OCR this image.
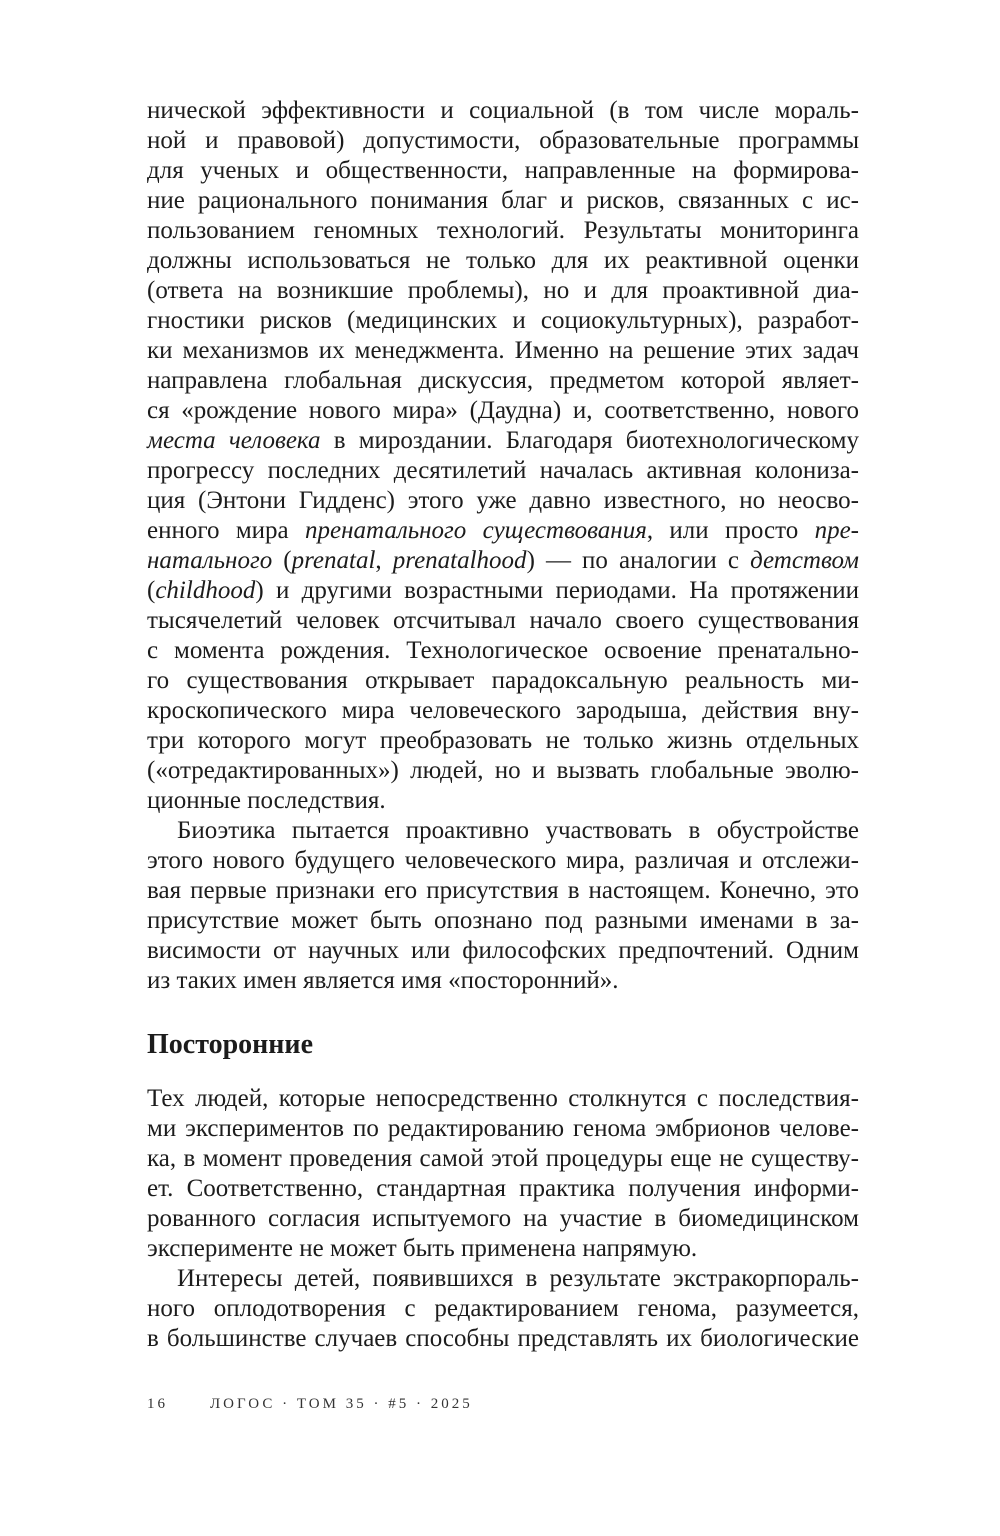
нической эффективности и социальной (в том числе мораль-
ной и правовой) допустимости, образовательные программы
для ученых и общественности, направленные на формирова-
ние рационального понимания благ и рисков, связанных с ис-
пользованием геномных технологий. Результаты мониторинга
должны использоваться не только для их реактивной оценки
(ответа на возникшие проблемы), но и для проактивной диа-
гностики рисков (медицинских и социокультурных), разработ-
ки механизмов их менеджмента. Именно на решение этих задач
направлена глобальная дискуссия, предметом которой являет-
ся «рождение нового мира» (Даудна) и, соответственно, нового
места человека в мироздании. Благодаря биотехнологическому
прогрессу последних десятилетий началась активная колониза-
ция (Энтони Гидденс) этого уже давно известного, но неосво-
енного мира пренатального существования, или просто пре-
натального (prenatal, prenatalhood) — по аналогии с детством
(childhood) и другими возрастными периодами. На протяжении
тысячелетий человек отсчитывал начало своего существования
с момента рождения. Технологическое освоение пренатально-
го существования открывает парадоксальную реальность ми-
кроскопического мира человеческого зародыша, действия вну-
три которого могут преобразовать не только жизнь отдельных
(«отредактированных») людей, но и вызвать глобальные эволю-
ционные последствия.
Биоэтика пытается проактивно участвовать в обустройстве
этого нового будущего человеческого мира, различая и отслежи-
вая первые признаки его присутствия в настоящем. Конечно, это
присутствие может быть опознано под разными именами в за-
висимости от научных или философских предпочтений. Одним
из таких имен является имя «посторонний».
Посторонние
Тех людей, которые непосредственно столкнутся с последствия-
ми экспериментов по редактированию генома эмбрионов челове-
ка, в момент проведения самой этой процедуры еще не существу-
ет. Соответственно, стандартная практика получения информи-
рованного согласия испытуемого на участие в биомедицинском
эксперименте не может быть применена напрямую.
Интересы детей, появившихся в результате экстракорпораль-
ного оплодотворения с редактированием генома, разумеется,
в большинстве случаев способны представлять их биологические
16	ЛОГОС · ТОМ 35 · #5 · 2025
